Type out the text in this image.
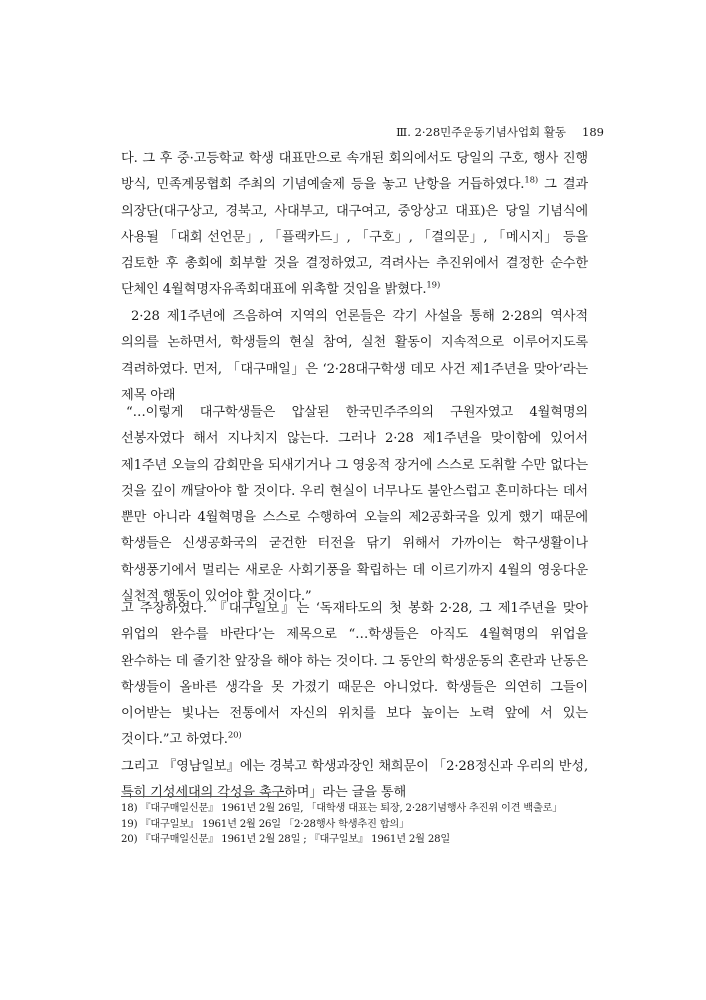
Ⅲ. 2·28민주운동기념사업회 활동 189

다. 그 후 중·고등학교 학생 대표만으로 속개된 회의에서도 당일의 구호, 행사 진행 방식, 민족계몽협회 주최의 기념예술제 등을 놓고 난항을 거듭하였다.$^{18)}$ 그 결과 의장단(대구상고, 경북고, 사대부고, 대구여고, 중앙상고 대표)은 당일 기념식에 사용될 「대회 선언문」, 「플랙카드」, 「구호」, 「결의문」, 「메시지」 등을 검토한 후 총회에 회부할 것을 결정하였고, 격려사는 추진위에서 결정한 순수한 단체인 4월혁명자유족회대표에 위촉할 것임을 밝혔다.$^{19)}$

2·28 제1주년에 즈음하여 지역의 언론들은 각기 사설을 통해 2·28의 역사적 의의를 논하면서, 학생들의 현실 참여, 실천 활동이 지속적으로 이루어지도록 격려하였다. 먼저, 「대구매일」은 ‘2·28대구학생 데모 사건 제1주년을 맞아’라는 제목 아래

“…이렇게 대구학생들은 압살된 한국민주주의의 구원자였고 4월혁명의 선봉자였다 해서 지나치지 않는다. 그러나 2·28 제1주년을 맞이함에 있어서 제1주년 오늘의 감회만을 되새기거나 그 영웅적 장거에 스스로 도취할 수만 없다는 것을 깊이 깨달아야 할 것이다. 우리 현실이 너무나도 불안스럽고 혼미하다는 데서 뿐만 아니라 4월혁명을 스스로 수행하여 오늘의 제2공화국을 있게 했기 때문에 학생들은 신생공화국의 굳건한 터전을 닦기 위해서 가까이는 학구생활이나 학생풍기에서 멀리는 새로운 사회기풍을 확립하는 데 이르기까지 4월의 영웅다운 실천적 행동이 있어야 할 것이다.”

고 주장하였다. 『대구일보』는 ‘독재타도의 첫 봉화 2·28, 그 제1주년을 맞아 위업의 완수를 바란다’는 제목으로 “…학생들은 아직도 4월혁명의 위업을 완수하는 데 줄기찬 앞장을 해야 하는 것이다. 그 동안의 학생운동의 혼란과 난동은 학생들이 올바른 생각을 못 가졌기 때문은 아니었다. 학생들은 의연히 그들이 이어받는 빛나는 전통에서 자신의 위치를 보다 높이는 노력 앞에 서 있는 것이다.”고 하였다.$^{20)}$

그리고 『영남일보』에는 경북고 학생과장인 채희문이 「2·28정신과 우리의 반성, 특히 기성세대의 각성을 촉구하며」라는 글을 통해

18) 『대구매일신문』 1961년 2월 26일, 「대학생 대표는 퇴장, 2·28기념행사 추진위 이견 백출로」
19) 『대구일보』 1961년 2월 26일 「2·28행사 학생추진 합의」
20) 『대구매일신문』 1961년 2월 28일 ; 『대구일보』 1961년 2월 28일
